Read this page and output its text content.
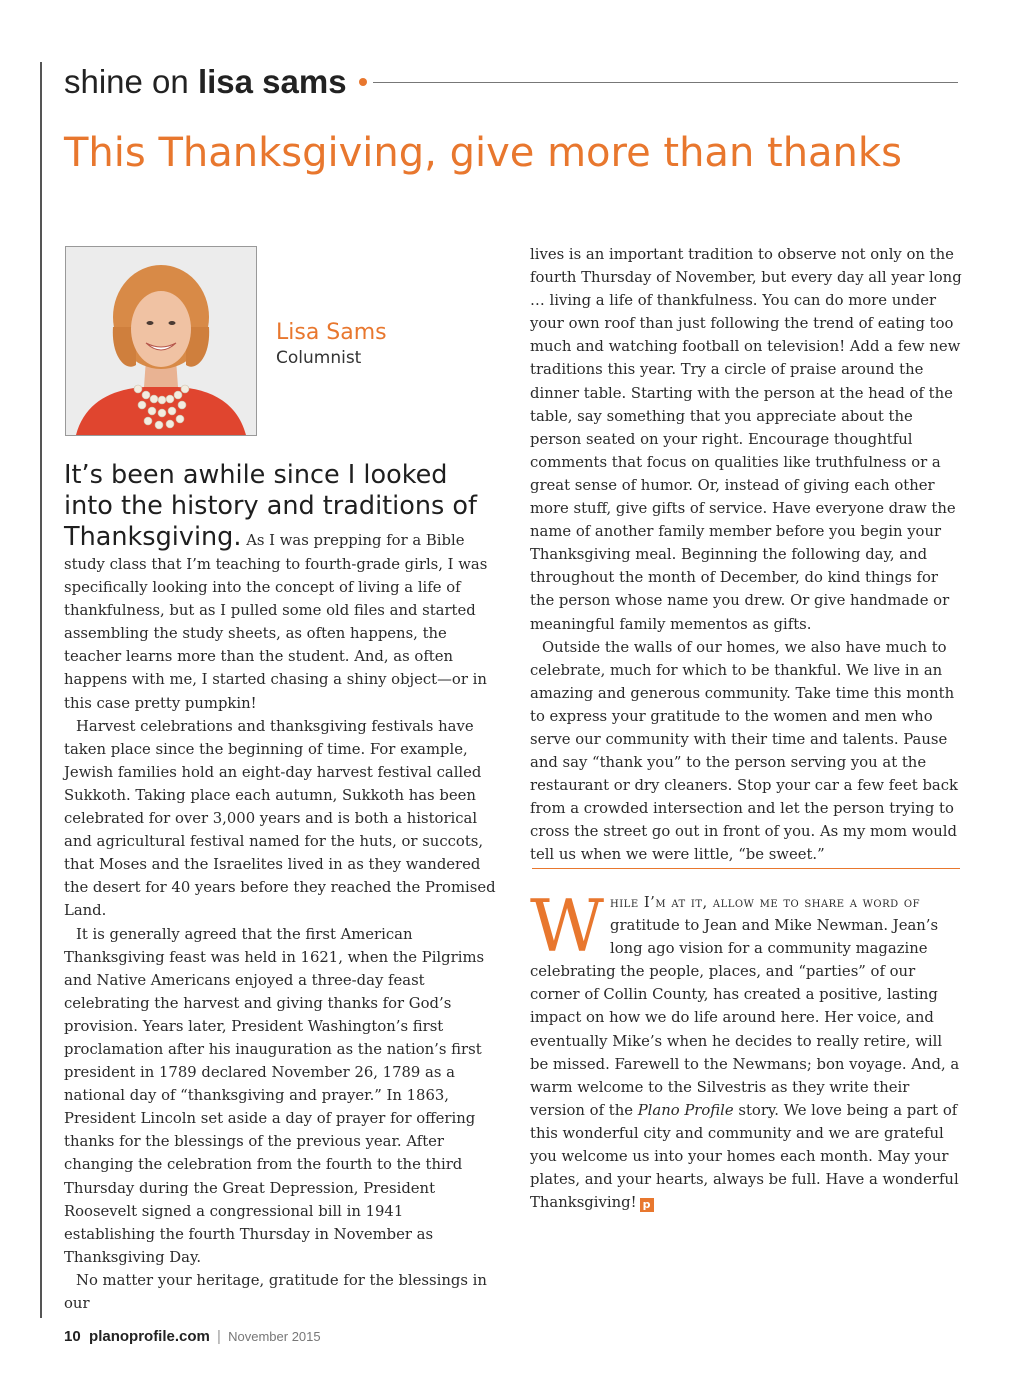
shine on lisa sams
This Thanksgiving, give more than thanks
Lisa Sams
Columnist

It’s been awhile since I looked into the history and traditions of Thanksgiving. As I was prepping for a Bible study class that I’m teaching to fourth-grade girls, I was specifically looking into the concept of living a life of thankfulness, but as I pulled some old files and started assembling the study sheets, as often happens, the teacher learns more than the student. And, as often happens with me, I started chasing a shiny object—or in this case pretty pumpkin!

Harvest celebrations and thanksgiving festivals have taken place since the beginning of time. For example, Jewish families hold an eight-day harvest festival called Sukkoth. Taking place each autumn, Sukkoth has been celebrated for over 3,000 years and is both a historical and agricultural festival named for the huts, or succots, that Moses and the Israelites lived in as they wandered the desert for 40 years before they reached the Promised Land.

It is generally agreed that the first American Thanksgiving feast was held in 1621, when the Pilgrims and Native Americans enjoyed a three-day feast celebrating the harvest and giving thanks for God’s provision. Years later, President Washington’s first proclamation after his inauguration as the nation’s first president in 1789 declared November 26, 1789 as a national day of “thanksgiving and prayer.” In 1863, President Lincoln set aside a day of prayer for offering thanks for the blessings of the previous year. After changing the celebration from the fourth to the third Thursday during the Great Depression, President Roosevelt signed a congressional bill in 1941 establishing the fourth Thursday in November as Thanksgiving Day.

No matter your heritage, gratitude for the blessings in our

lives is an important tradition to observe not only on the fourth Thursday of November, but every day all year long … living a life of thankfulness. You can do more under your own roof than just following the trend of eating too much and watching football on television! Add a few new traditions this year. Try a circle of praise around the dinner table. Starting with the person at the head of the table, say something that you appreciate about the person seated on your right. Encourage thoughtful comments that focus on qualities like truthfulness or a great sense of humor. Or, instead of giving each other more stuff, give gifts of service. Have everyone draw the name of another family member before you begin your Thanksgiving meal. Beginning the following day, and throughout the month of December, do kind things for the person whose name you drew. Or give handmade or meaningful family mementos as gifts.

Outside the walls of our homes, we also have much to celebrate, much for which to be thankful. We live in an amazing and generous community. Take time this month to express your gratitude to the women and men who serve our community with their time and talents. Pause and say “thank you” to the person serving you at the restaurant or dry cleaners. Stop your car a few feet back from a crowded intersection and let the person trying to cross the street go out in front of you. As my mom would tell us when we were little, “be sweet.”

While I’m at it, allow me to share a word of gratitude to Jean and Mike Newman. Jean’s long ago vision for a community magazine celebrating the people, places, and “parties” of our corner of Collin County, has created a positive, lasting impact on how we do life around here. Her voice, and eventually Mike’s when he decides to really retire, will be missed. Farewell to the Newmans; bon voyage. And, a warm welcome to the Silvestris as they write their version of the Plano Profile story. We love being a part of this wonderful city and community and we are grateful you welcome us into your homes each month. May your plates, and your hearts, always be full. Have a wonderful Thanksgiving! p

10 planoprofile.com | November 2015
